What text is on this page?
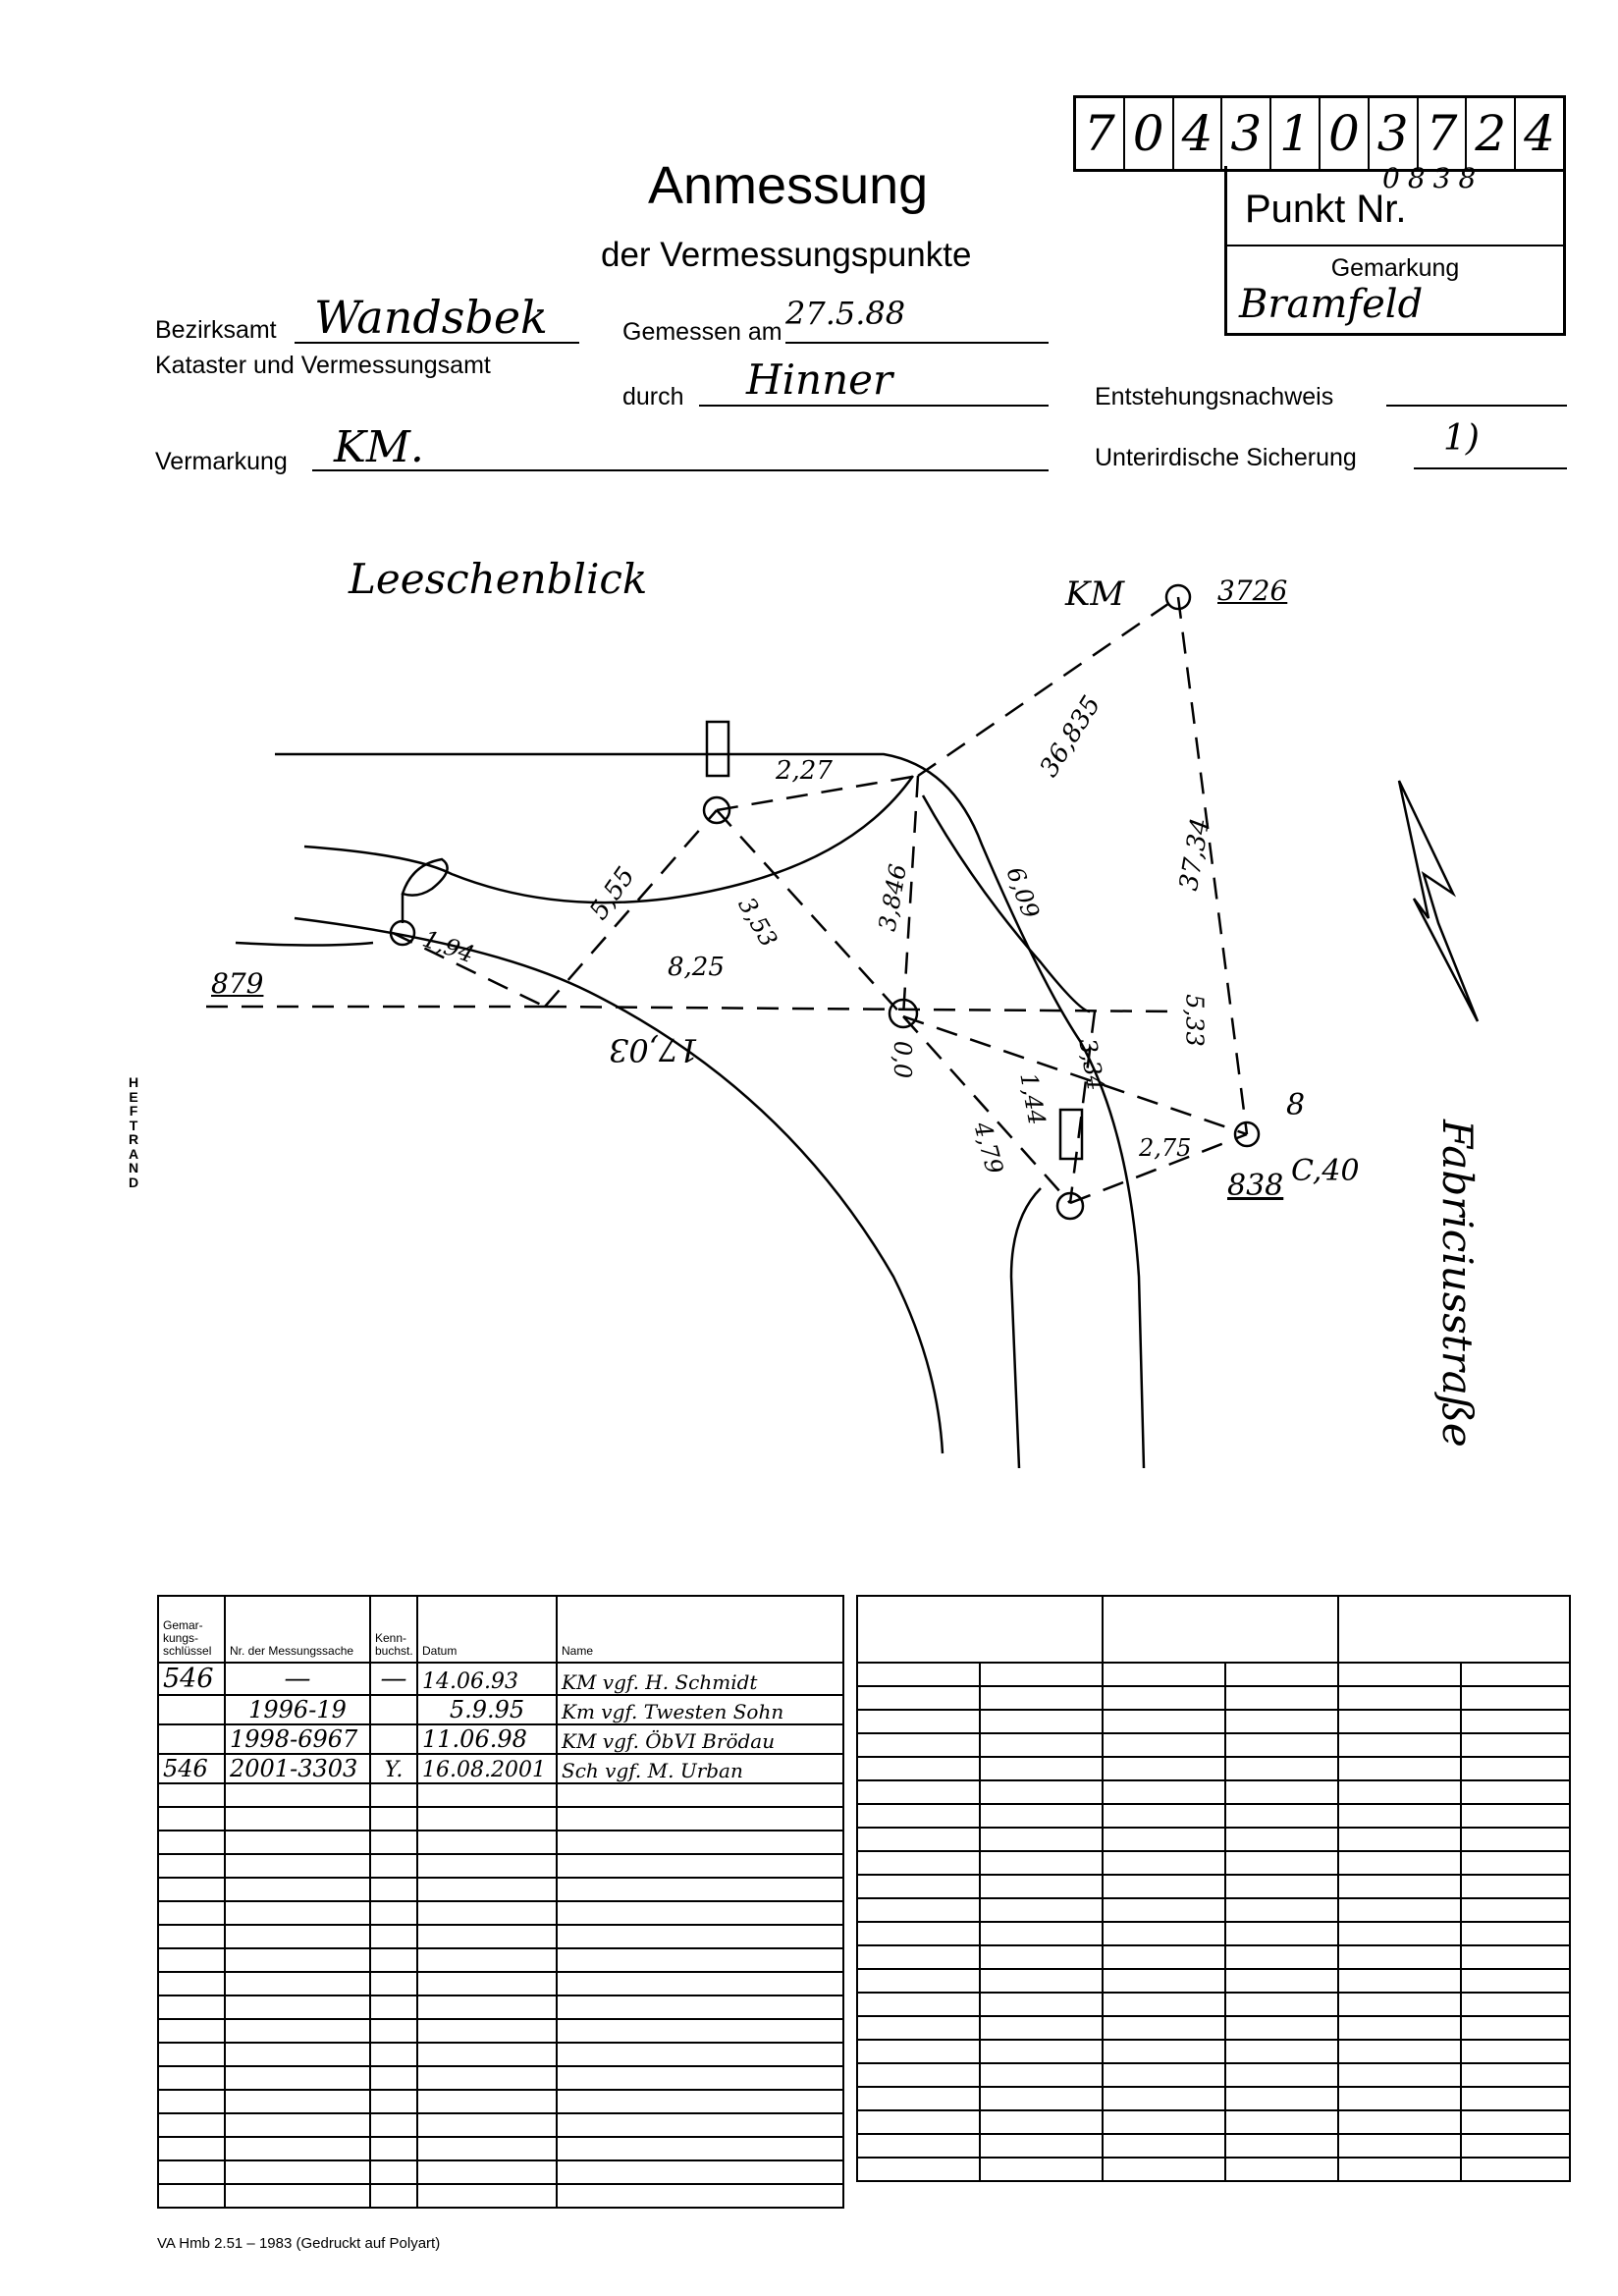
Anmessung
der Vermessungspunkte
Bezirksamt Wandsbek
Kataster und Vermessungsamt
Gemessen am 27.5.88
durch Hinner
Vermarkung KM.
Entstehungsnachweis
Unterirdische Sicherung 1)
7 0 4 3 1 0 3 7 2 4
Punkt Nr.
0838
Gemarkung
Bramfeld
HEFTRAND
Leeschenblick
Fabriciusstraße
KM	3726
879
838
8
C,40
2,27	36,835
37,34
5,55	3,846
3,53	6,09
1,94	8,25
17,03	0,0	3,34
5,33
1,44
4,79	2,75
Gemar-kungs-schlüssel	Nr. der Messungssache	Kenn-buchst.	Datum	Name
546	—	—	14.06.93	KM vgf. H. Schmidt
	1996-19		5.9.95	Km vgf. Twesten Sohn
	1998-6967		11.06.98	KM vgf. ÖbVI Brödau
546	2001-3303	Y.	16.08.2001	Sch vgf. M. Urban

VA Hmb 2.51 – 1983 (Gedruckt auf Polyart)
